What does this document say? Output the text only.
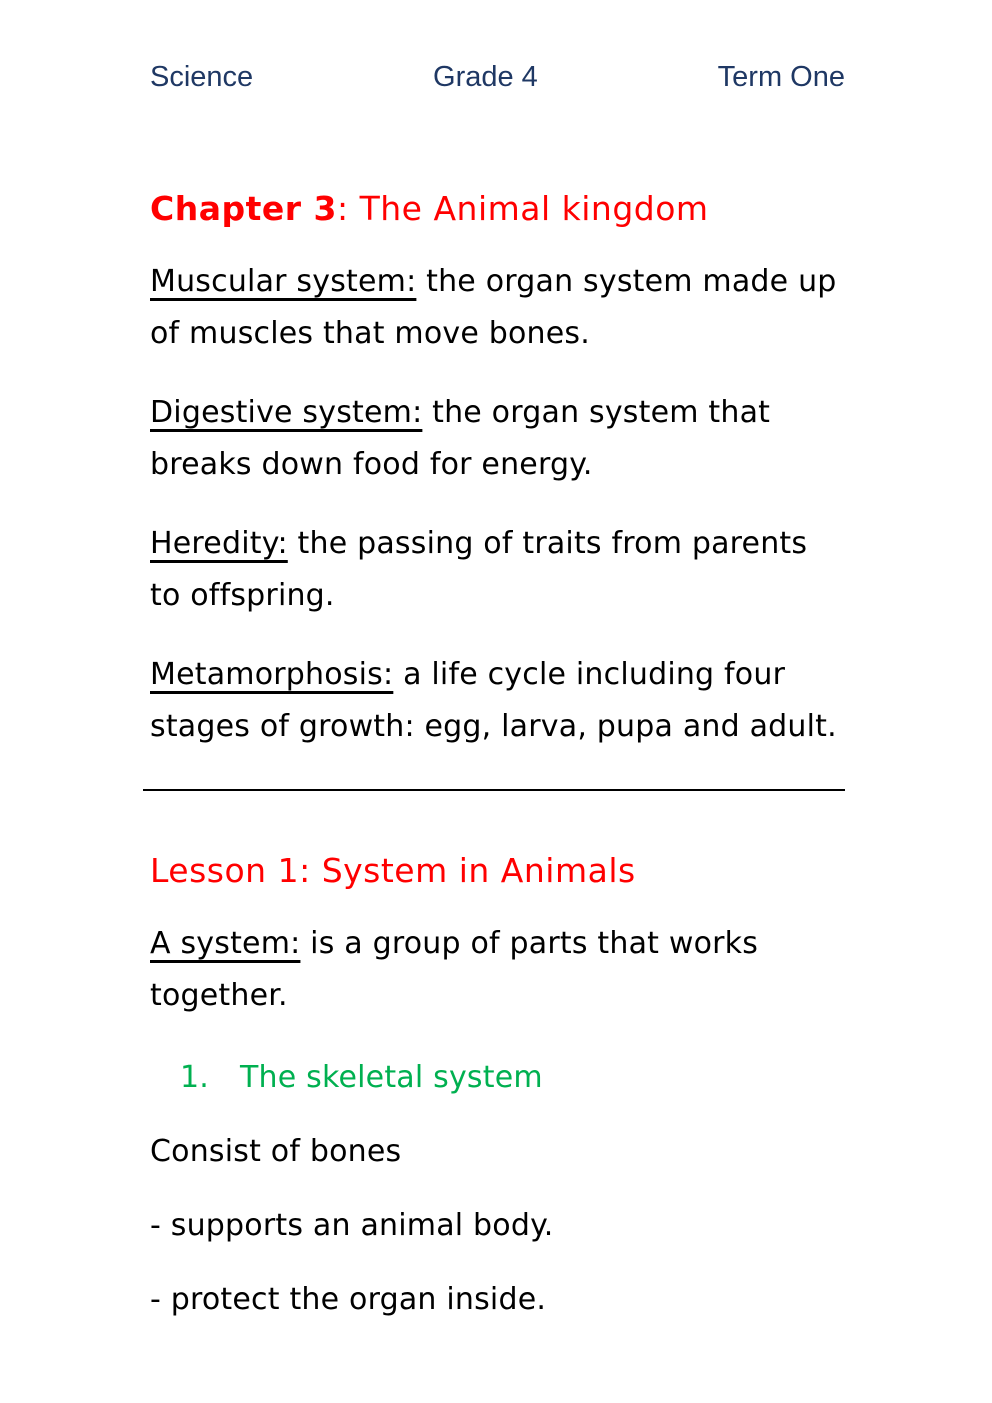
Science	Grade 4	Term One
Chapter 3: The Animal kingdom

Muscular system: the organ system made up of muscles that move bones.

Digestive system: the organ system that breaks down food for energy.

Heredity: the passing of traits from parents to offspring.

Metamorphosis: a life cycle including four stages of growth: egg, larva, pupa and adult.

Lesson 1: System in Animals

A system: is a group of parts that works together.

1. The skeletal system

Consist of bones

- supports an animal body.

- protect the organ inside.
